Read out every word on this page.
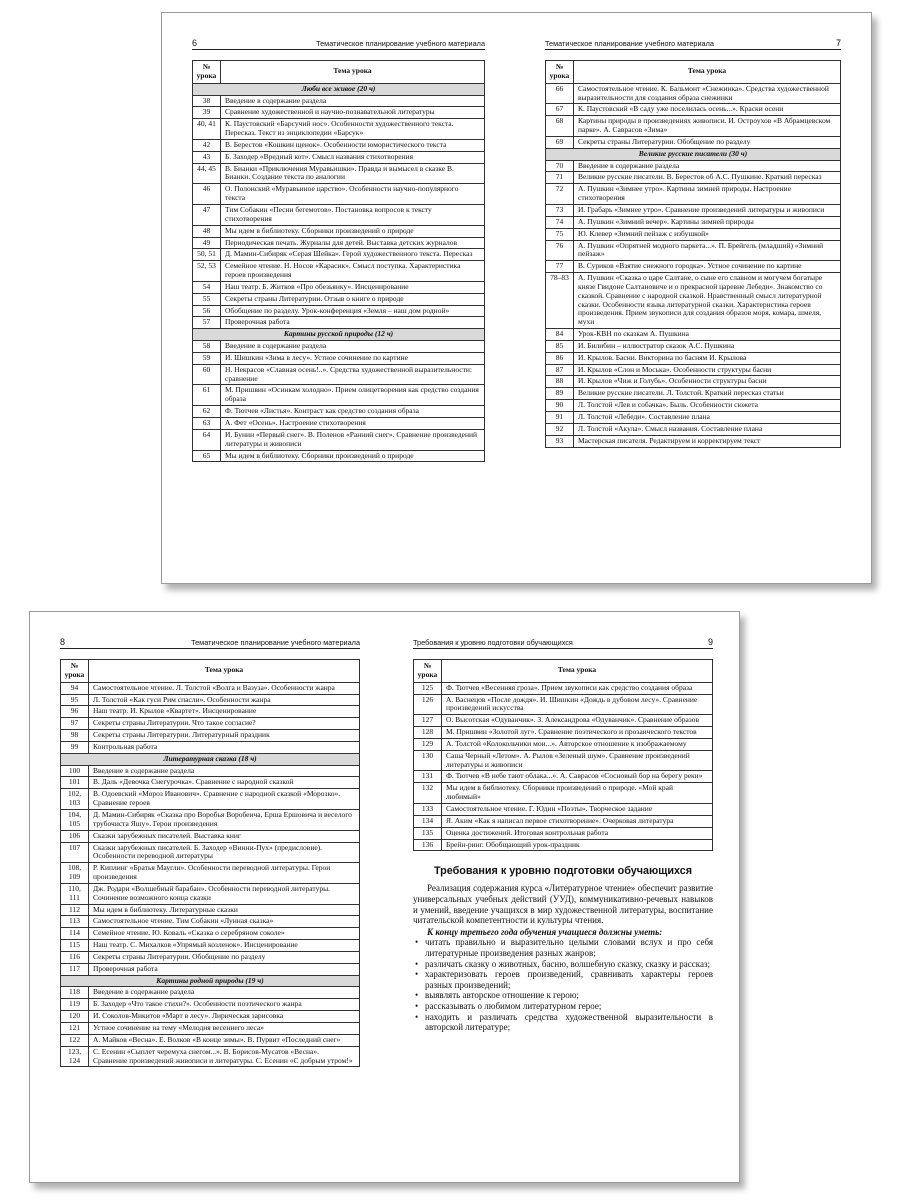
6	Тематическое планирование учебного материала
№ урока	Тема урока
Люби все живое (20 ч)	
38	Введение в содержание раздела
39	Сравнение художественной и научно-познавательной литературы
40, 41	К. Паустовский «Барсучий нос». Особенности художественного текста. Пересказ. Текст из энциклопедии «Барсук»
42	В. Берестов «Кошкин щенок». Особенности юмористического текста
43	Б. Заходер «Вредный кот». Смысл названия стихотворения
44, 45	В. Бианки «Приключения Муравьишки». Правда и вымысел в сказке В. Бианки. Создание текста по аналогии
46	О. Полонский «Муравьиное царство». Особенности научно-популярного текста
47	Тим Собакин «Песни бегемотов». Постановка вопросов к тексту стихотворения
48	Мы идем в библиотеку. Сборники произведений о природе
49	Периодическая печать. Журналы для детей. Выставка детских журналов
50, 51	Д. Мамин-Сибиряк «Серая Шейка». Герой художественного текста. Пересказ
52, 53	Семейное чтение. Н. Носов «Карасик». Смысл поступка. Характеристика героев произведения
54	Наш театр. Б. Житков «Про обезьянку». Инсценирование
55	Секреты страны Литературии. Отзыв о книге о природе
56	Обобщение по разделу. Урок-конференция «Земля – наш дом родной»
57	Проверочная работа
Картины русской природы (12 ч)	
58	Введение в содержание раздела
59	И. Шишкин «Зима в лесу». Устное сочинение по картине
60	Н. Некрасов «Славная осень!..». Средства художественной выразительности: сравнение
61	М. Пришвин «Осинкам холодно». Прием олицетворения как средство создания образа
62	Ф. Тютчев «Листья». Контраст как средство создания образа
63	А. Фет «Осень». Настроение стихотворения
64	И. Бунин «Первый снег». В. Поленов «Ранний снег». Сравнение произведений литературы и живописи
65	Мы идем в библиотеку. Сборники произведений о природе
Тематическое планирование учебного материала	7
№ урока	Тема урока
66	Самостоятельное чтение. К. Бальмонт «Снежинка». Средства художественной выразительности для создания образа снежинки
67	К. Паустовский «В саду уже поселилась осень...». Краски осени
68	Картины природы в произведениях живописи. И. Остроухов «В Абрамцевском парке». А. Саврасов «Зима»
69	Секреты страны Литературии. Обобщение по разделу
Великие русские писатели (30 ч)	
70	Введение в содержание раздела
71	Великие русские писатели. В. Берестов об А.С. Пушкине. Краткий пересказ
72	А. Пушкин «Зимнее утро». Картины зимней природы. Настроение стихотворения
73	И. Грабарь «Зимнее утро». Сравнение произведений литературы и живописи
74	А. Пушкин «Зимний вечер». Картины зимней природы
75	Ю. Клевер «Зимний пейзаж с избушкой»
76	А. Пушкин «Опрятней модного паркета...». П. Брейгель (младший) «Зимний пейзаж»
77	В. Суриков «Взятие снежного городка». Устное сочинение по картине
78–83	А. Пушкин «Сказка о царе Салтане, о сыне его славном и могучем богатыре князе Гвидоне Салтановиче и о прекрасной царевне Лебеди». Знакомство со сказкой. Сравнение с народной сказкой. Нравственный смысл литературной сказки. Особенности языка литературной сказки. Характеристика героев произведения. Прием звукописи для создания образов моря, комара, шмеля, мухи
84	Урок-КВН по сказкам А. Пушкина
85	И. Билибин – иллюстратор сказок А.С. Пушкина
86	И. Крылов. Басни. Викторина по басням И. Крылова
87	И. Крылов «Слон и Моська». Особенности структуры басни
88	И. Крылов «Чиж и Голубь». Особенности структуры басни
89	Великие русские писатели. Л. Толстой. Краткий пересказ статьи
90	Л. Толстой «Лев и собачка». Быль. Особенности сюжета
91	Л. Толстой «Лебеди». Составление плана
92	Л. Толстой «Акула». Смысл названия. Составление плана
93	Мастерская писателя. Редактируем и корректируем текст
8	Тематическое планирование учебного материала
№ урока	Тема урока
94	Самостоятельное чтение. Л. Толстой «Волга и Вазуза». Особенности жанра
95	Л. Толстой «Как гуси Рим спасли». Особенности жанра
96	Наш театр. И. Крылов «Квартет». Инсценирование
97	Секреты страны Литературии. Что такое согласие?
98	Секреты страны Литературии. Литературный праздник
99	Контрольная работа
Литературная сказка (18 ч)	
100	Введение в содержание раздела
101	В. Даль «Девочка Снегурочка». Сравнение с народной сказкой
102, 103	В. Одоевский «Мороз Иванович». Сравнение с народной сказкой «Морозко». Сравнение героев
104, 105	Д. Мамин-Сибиряк «Сказка про Воробья Воробеича, Ерша Ершовича и веселого трубочиста Яшу». Герои произведения
106	Сказки зарубежных писателей. Выставка книг
107	Сказки зарубежных писателей. Б. Заходер «Винни-Пух» (предисловие). Особенности переводной литературы
108, 109	Р. Киплинг «Братья Маугли». Особенности переводной литературы. Герои произведения
110, 111	Дж. Родари «Волшебный барабан». Особенности переводной литературы. Сочинение возможного конца сказки
112	Мы идем в библиотеку. Литературные сказки
113	Самостоятельное чтение. Тим Собакин «Лунная сказка»
114	Семейное чтение. Ю. Коваль «Сказка о серебряном соколе»
115	Наш театр. С. Михалков «Упрямый козленок». Инсценирование
116	Секреты страны Литературии. Обобщение по разделу
117	Проверочная работа
Картины родной природы (19 ч)	
118	Введение в содержание раздела
119	Б. Заходер «Что такое стихи?». Особенности поэтического жанра
120	И. Соколов-Микитов «Март в лесу». Лирическая зарисовка
121	Устное сочинение на тему «Мелодия весеннего леса»
122	А. Майков «Весна». Е. Волков «В конце зимы». В. Пурвит «Последний снег»
123, 124	С. Есенин «Сыплет черемуха снегом...». В. Борисов-Мусатов «Весна». Сравнение произведений живописи и литературы. С. Есенин «С добрым утром!»
Требования к уровню подготовки обучающихся	9
№ урока	Тема урока
125	Ф. Тютчев «Весенняя гроза». Прием звукописи как средство создания образа
126	А. Васнецов «После дождя». И. Шишкин «Дождь в дубовом лесу». Сравнение произведений искусства
127	О. Высотская «Одуванчик». З. Александрова «Одуванчик». Сравнение образов
128	М. Пришвин «Золотой луг». Сравнение поэтического и прозаического текстов
129	А. Толстой «Колокольчики мои...». Авторское отношение к изображаемому
130	Саша Черный «Летом». А. Рылов «Зеленый шум». Сравнение произведений литературы и живописи
131	Ф. Тютчев «В небе тают облака...». А. Саврасов «Сосновый бор на берегу реки»
132	Мы идем в библиотеку. Сборники произведений о природе. «Мой край любимый»
133	Самостоятельное чтение. Г. Юдин «Поэты». Творческое задание
134	Я. Аким «Как я написал первое стихотворение». Очерковая литература
135	Оценка достижений. Итоговая контрольная работа
136	Брейн-ринг. Обобщающий урок-праздник
Требования к уровню подготовки обучающихся

Реализация содержания курса «Литературное чтение» обеспечит развитие универсальных учебных действий (УУД), коммуникативно-речевых навыков и умений, введение учащихся в мир художественной литературы, воспитание читательской компетентности и культуры чтения.

К концу третьего года обучения учащиеся должны уметь:

• читать правильно и выразительно целыми словами вслух и про себя литературные произведения разных жанров;
• различать сказку о животных, басню, волшебную сказку, сказку и рассказ;
• характеризовать героев произведений, сравнивать характеры героев разных произведений;
• выявлять авторское отношение к герою;
• рассказывать о любимом литературном герое;
• находить и различать средства художественной выразительности в авторской литературе;
